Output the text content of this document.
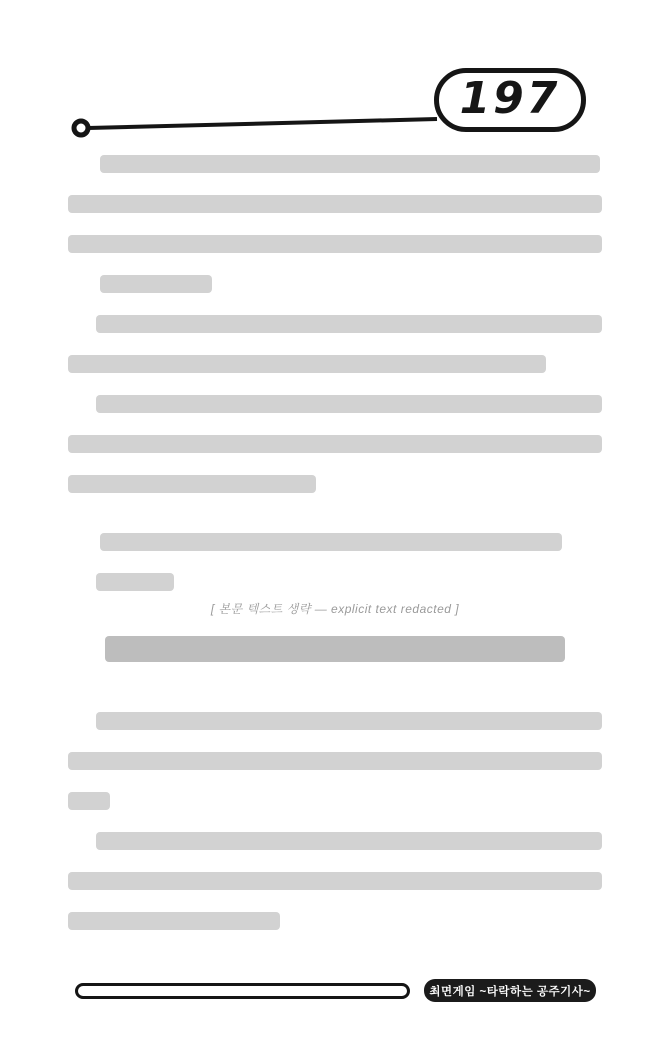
197
[ 본문 텍스트 생략 — explicit text redacted ]
최면게임 ~타락하는 공주기사~
